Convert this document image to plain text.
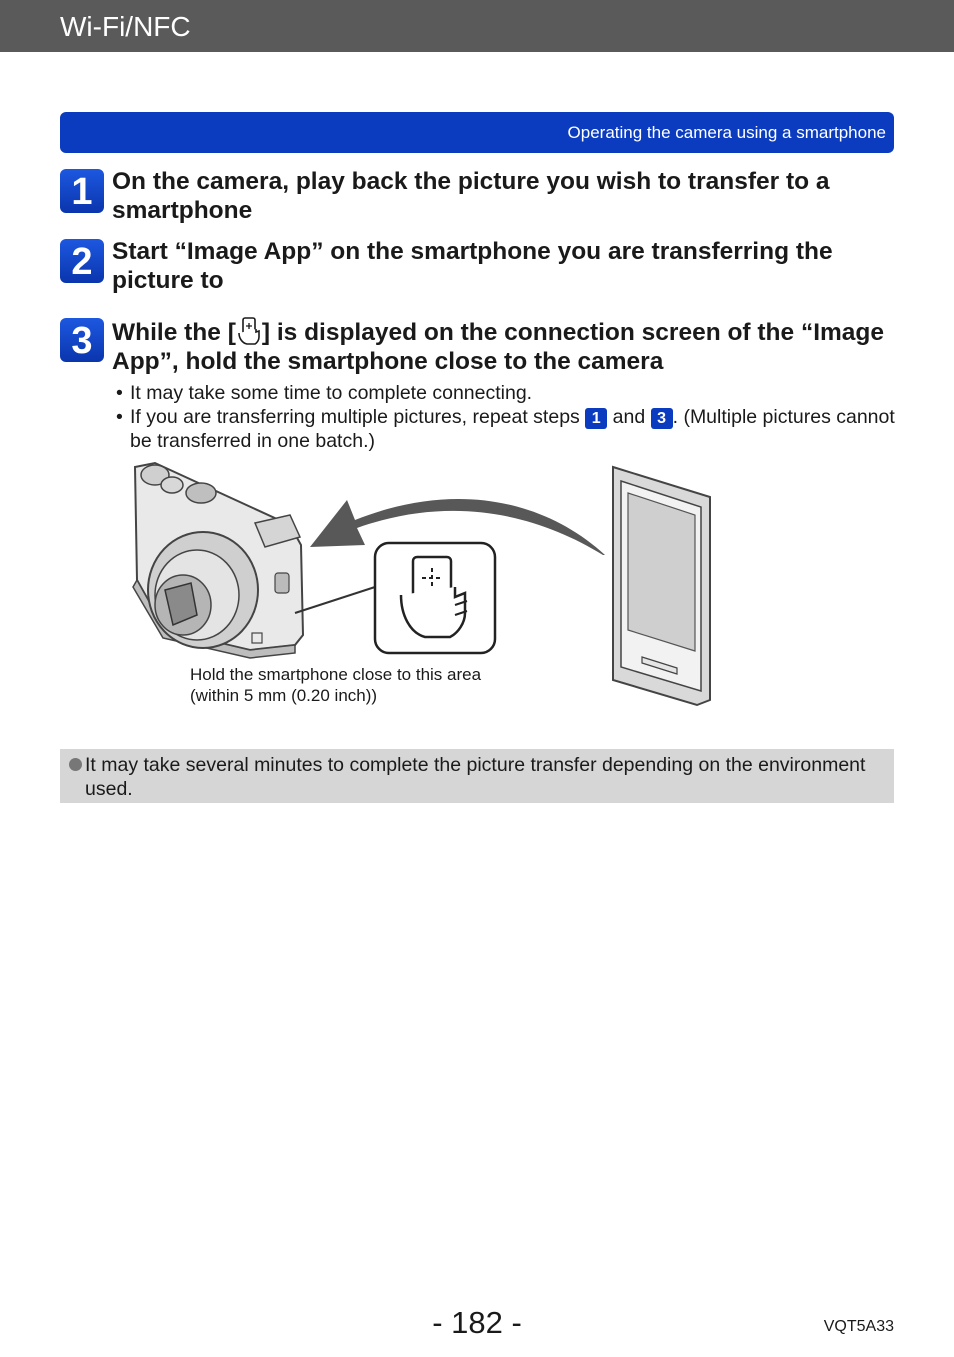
Wi-Fi/NFC
Operating the camera using a smartphone
1 On the camera, play back the picture you wish to transfer to a smartphone
2 Start “Image App” on the smartphone you are transferring the picture to
3 While the [ ] is displayed on the connection screen of the “Image App”, hold the smartphone close to the camera
• It may take some time to complete connecting.
• If you are transferring multiple pictures, repeat steps 1 and 3 . (Multiple pictures cannot be transferred in one batch.)
Hold the smartphone close to this area
(within 5 mm (0.20 inch))
It may take several minutes to complete the picture transfer depending on the environment used.
- 182 -	VQT5A33
